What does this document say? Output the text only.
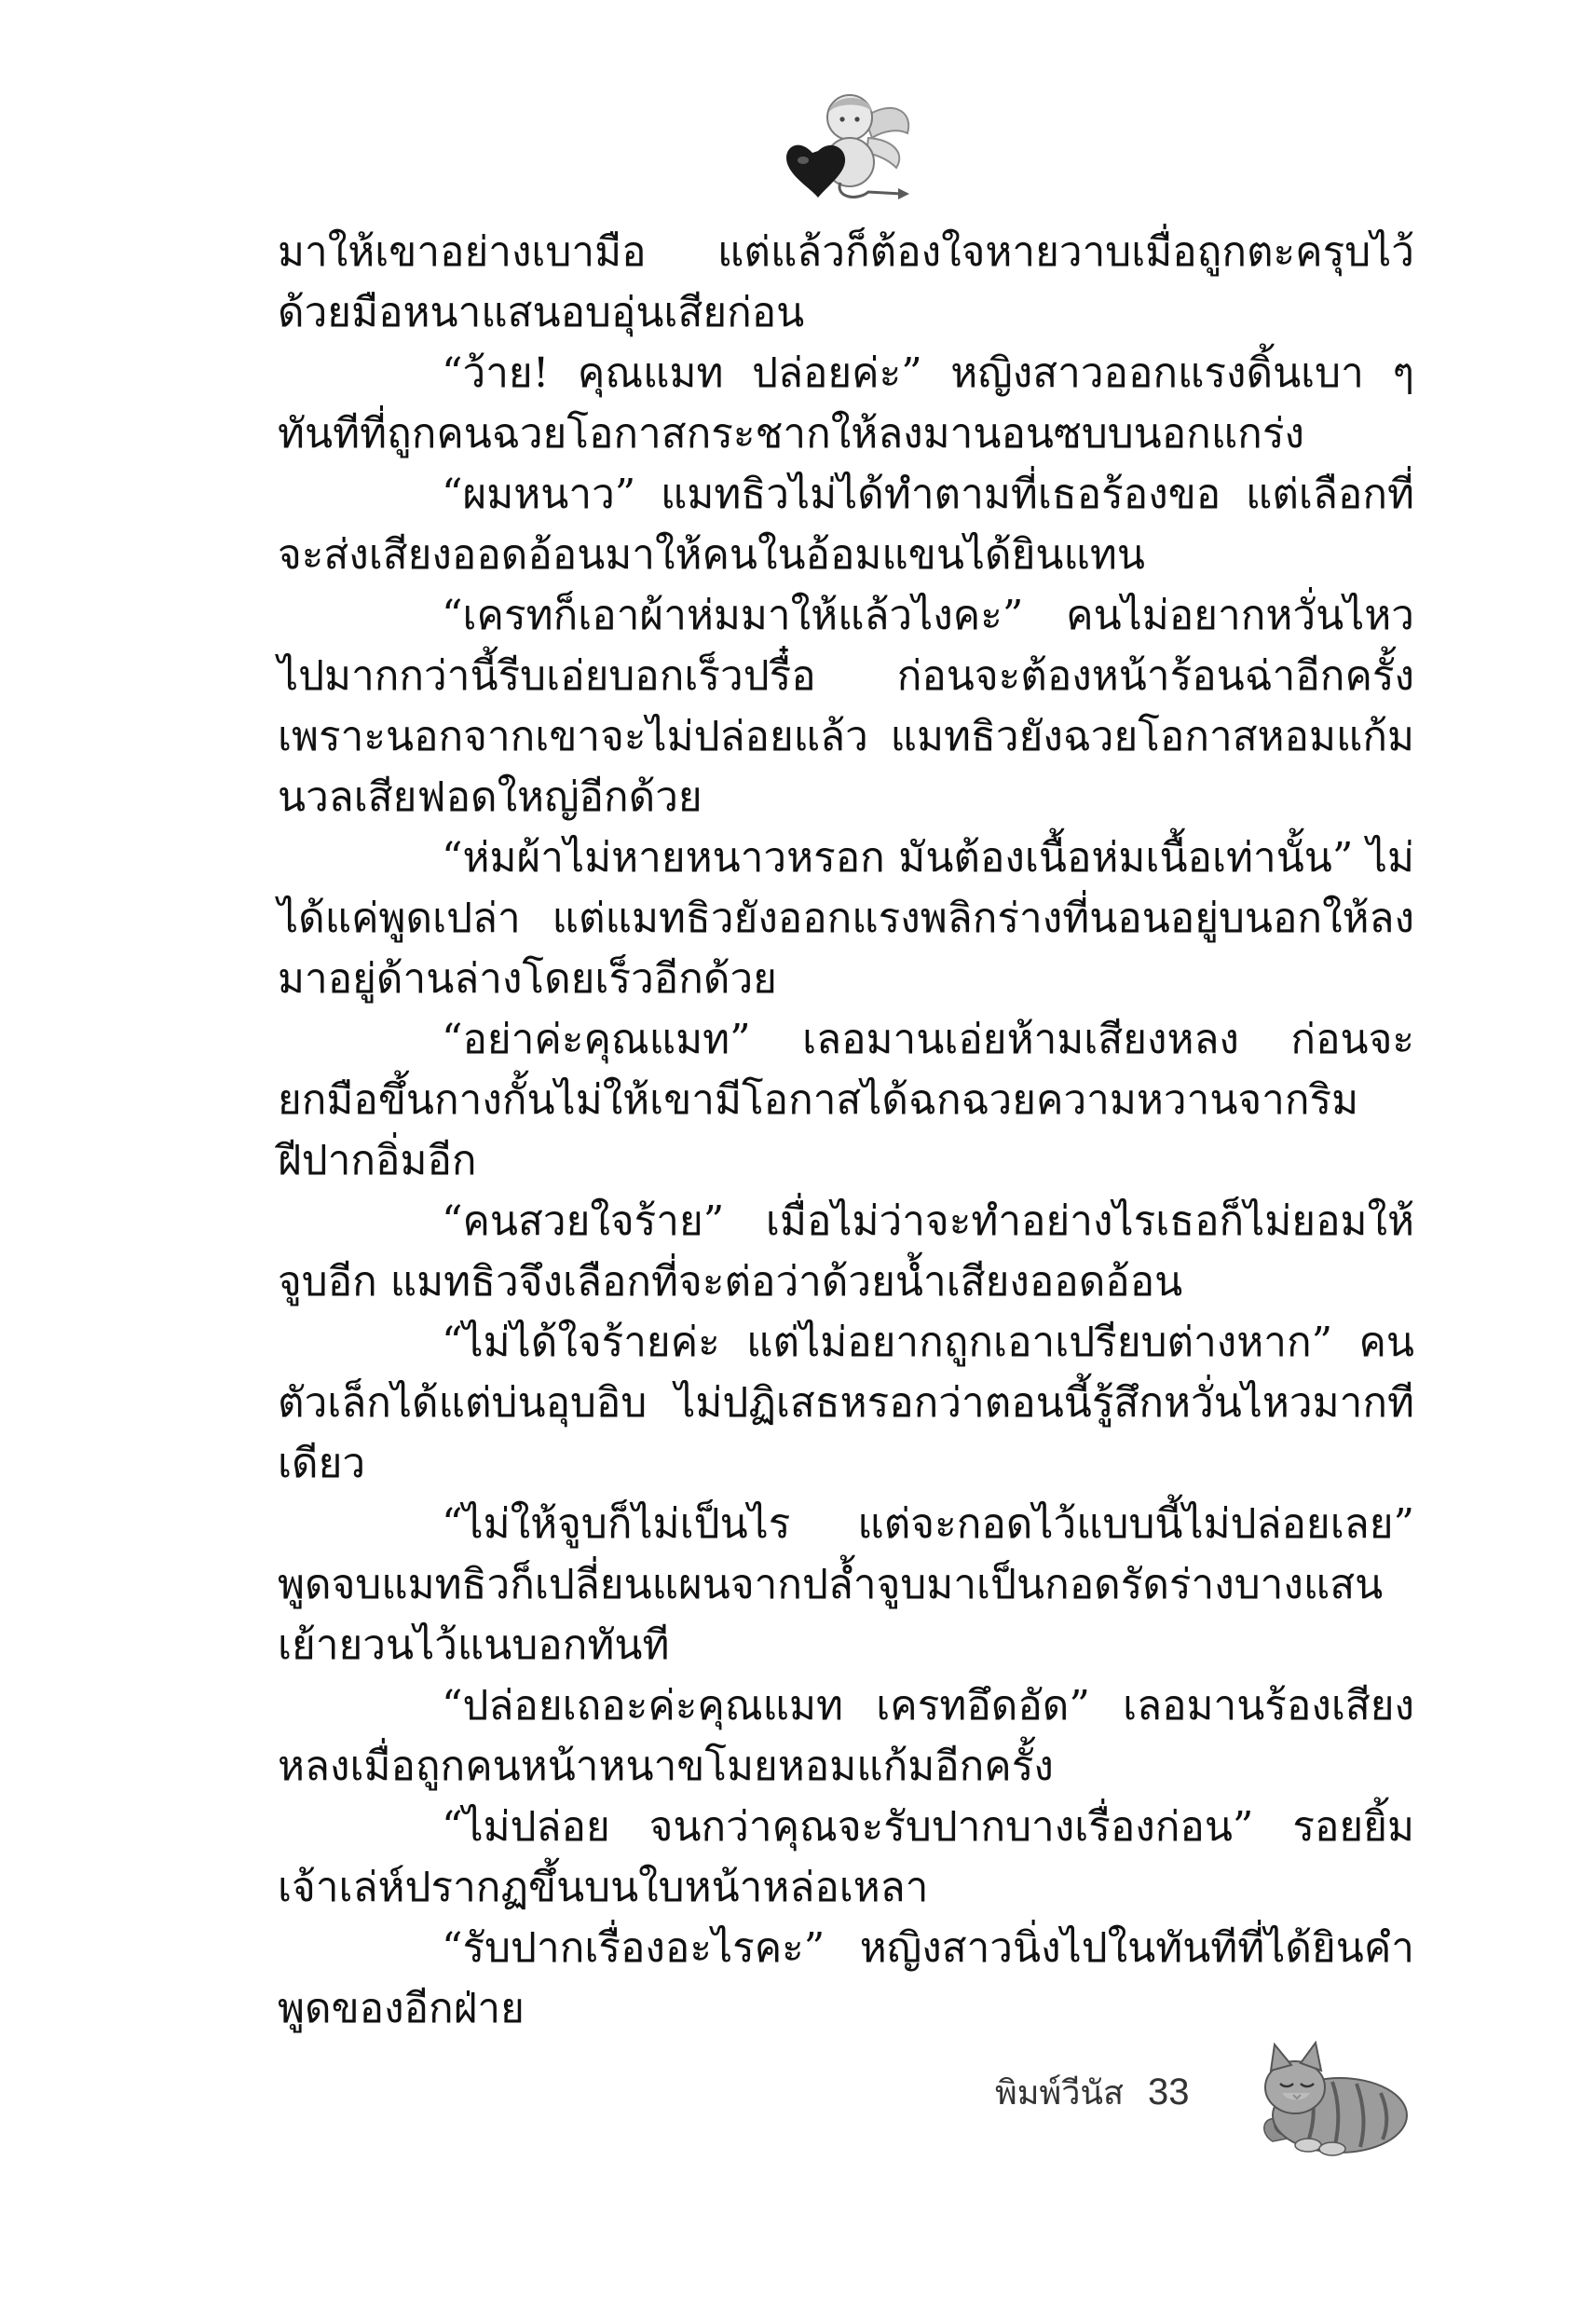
มาให้เขาอย่างเบามือ แต่แล้วก็ต้องใจหายวาบเมื่อถูกตะครุบไว้ด้วยมือหนาแสนอบอุ่นเสียก่อน

“ว้าย! คุณแมท ปล่อยค่ะ” หญิงสาวออกแรงดิ้นเบา ๆ ทันทีที่ถูกคนฉวยโอกาสกระชากให้ลงมานอนซบบนอกแกร่ง

“ผมหนาว” แมทธิวไม่ได้ทำตามที่เธอร้องขอ แต่เลือกที่จะส่งเสียงออดอ้อนมาให้คนในอ้อมแขนได้ยินแทน

“เครทก็เอาผ้าห่มมาให้แล้วไงคะ” คนไม่อยากหวั่นไหวไปมากกว่านี้รีบเอ่ยบอกเร็วปรื๋อ ก่อนจะต้องหน้าร้อนฉ่าอีกครั้งเพราะนอกจากเขาจะไม่ปล่อยแล้ว แมทธิวยังฉวยโอกาสหอมแก้มนวลเสียฟอดใหญ่อีกด้วย

“ห่มผ้าไม่หายหนาวหรอก มันต้องเนื้อห่มเนื้อเท่านั้น” ไม่ได้แค่พูดเปล่า แต่แมทธิวยังออกแรงพลิกร่างที่นอนอยู่บนอกให้ลงมาอยู่ด้านล่างโดยเร็วอีกด้วย

“อย่าค่ะคุณแมท” เลอมานเอ่ยห้ามเสียงหลง ก่อนจะยกมือขึ้นกางกั้นไม่ให้เขามีโอกาสได้ฉกฉวยความหวานจากริมฝีปากอิ่มอีก

“คนสวยใจร้าย” เมื่อไม่ว่าจะทำอย่างไรเธอก็ไม่ยอมให้จูบอีก แมทธิวจึงเลือกที่จะต่อว่าด้วยน้ำเสียงออดอ้อน

“ไม่ได้ใจร้ายค่ะ แต่ไม่อยากถูกเอาเปรียบต่างหาก” คนตัวเล็กได้แต่บ่นอุบอิบ ไม่ปฏิเสธหรอกว่าตอนนี้รู้สึกหวั่นไหวมากทีเดียว

“ไม่ให้จูบก็ไม่เป็นไร แต่จะกอดไว้แบบนี้ไม่ปล่อยเลย” พูดจบแมทธิวก็เปลี่ยนแผนจากปล้ำจูบมาเป็นกอดรัดร่างบางแสนเย้ายวนไว้แนบอกทันที

“ปล่อยเถอะค่ะคุณแมท เครทอึดอัด” เลอมานร้องเสียงหลงเมื่อถูกคนหน้าหนาขโมยหอมแก้มอีกครั้ง

“ไม่ปล่อย จนกว่าคุณจะรับปากบางเรื่องก่อน” รอยยิ้มเจ้าเล่ห์ปรากฏขึ้นบนใบหน้าหล่อเหลา

“รับปากเรื่องอะไรคะ” หญิงสาวนิ่งไปในทันทีที่ได้ยินคำพูดของอีกฝ่าย

พิมพ์วีนัส 33
